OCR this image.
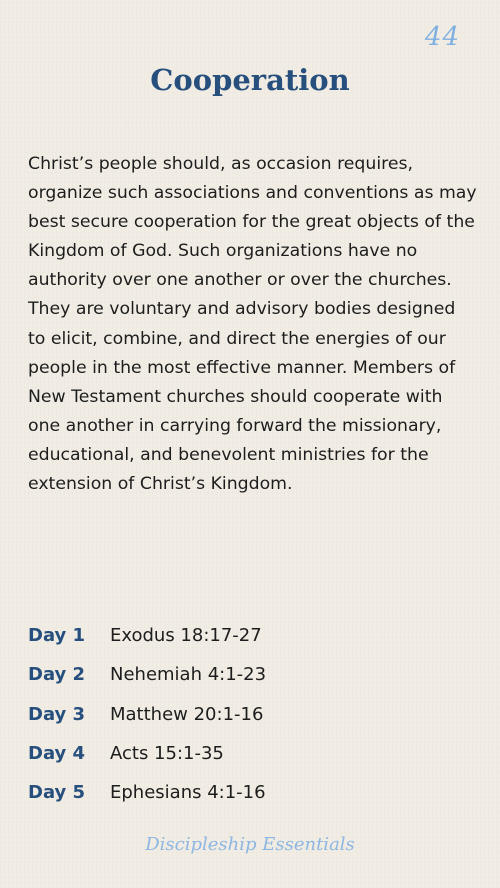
44
Cooperation

Christ’s people should, as occasion requires, organize such associations and conventions as may best secure cooperation for the great objects of the Kingdom of God. Such organizations have no authority over one another or over the churches. They are voluntary and advisory bodies designed to elicit, combine, and direct the energies of our people in the most effective manner. Members of New Testament churches should cooperate with one another in carrying forward the missionary, educational, and benevolent ministries for the extension of Christ’s Kingdom.

Day 1	Exodus 18:17-27
Day 2	Nehemiah 4:1-23
Day 3	Matthew 20:1-16
Day 4	Acts 15:1-35
Day 5	Ephesians 4:1-16
Discipleship Essentials
